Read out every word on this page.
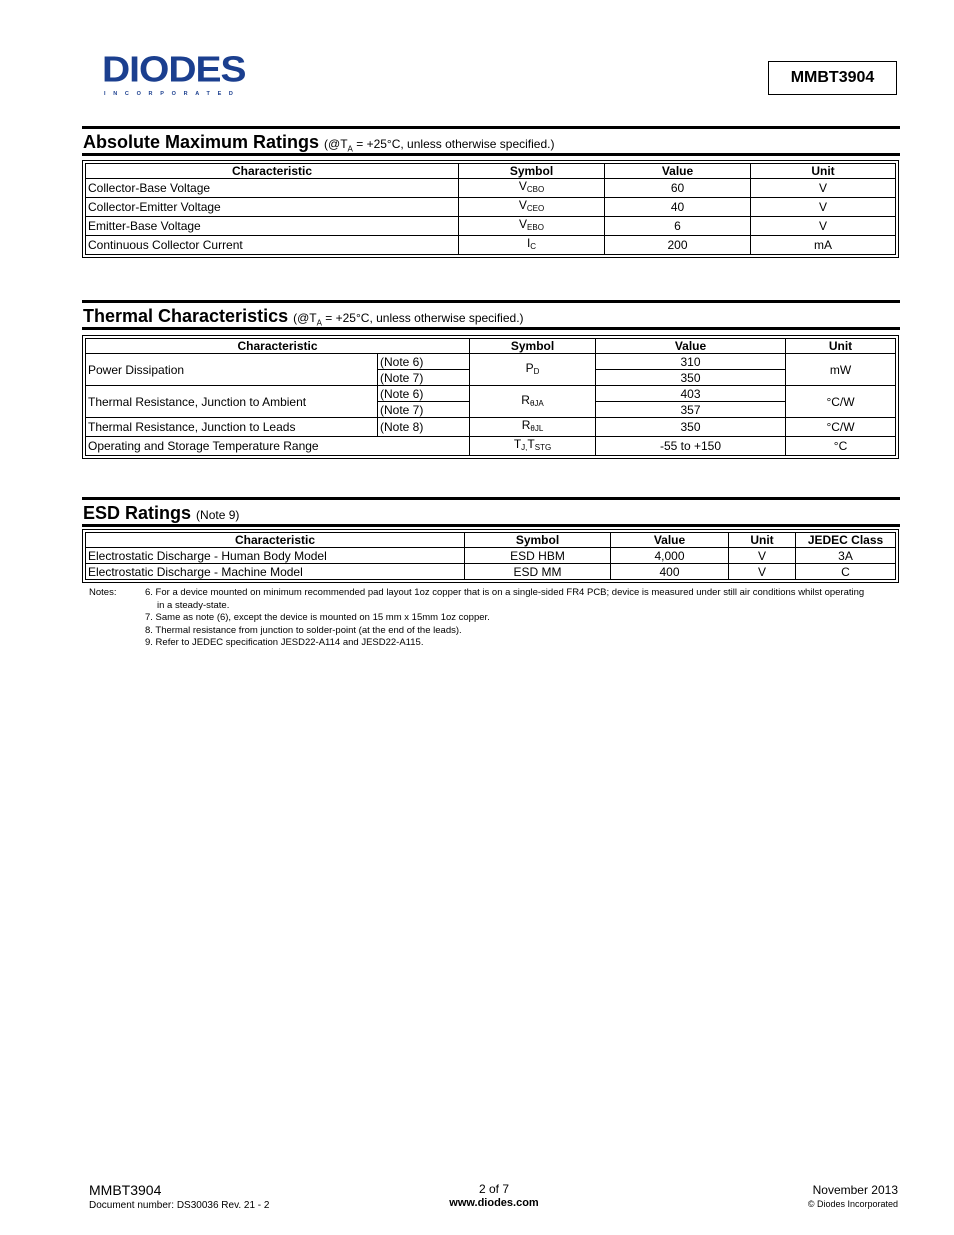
DIODES
INCORPORATED
MMBT3904
Absolute Maximum Ratings ($@T_A = +25^\circ C$, unless otherwise specified.)
Characteristic	Symbol	Value	Unit
Collector-Base Voltage	$V_{CBO}$	60	V
Collector-Emitter Voltage	$V_{CEO}$	40	V
Emitter-Base Voltage	$V_{EBO}$	6	V
Continuous Collector Current	$I_C$	200	mA
Thermal Characteristics ($@T_A = +25^\circ C$, unless otherwise specified.)
Characteristic		Symbol	Value	Unit
Power Dissipation	(Note 6)	$P_D$	310	mW
	(Note 7)		350	
Thermal Resistance, Junction to Ambient	(Note 6)	$R_{\theta JA}$	403	°C/W
	(Note 7)		357	
Thermal Resistance, Junction to Leads	(Note 8)	$R_{\theta JL}$	350	°C/W
Operating and Storage Temperature Range		$T_{J,}T_{STG}$	-55 to +150	°C
ESD Ratings (Note 9)
Characteristic	Symbol	Value	Unit	JEDEC Class
Electrostatic Discharge - Human Body Model	ESD HBM	4,000	V	3A
Electrostatic Discharge - Machine Model	ESD MM	400	V	C
Notes:	6. For a device mounted on minimum recommended pad layout 1oz copper that is on a single-sided FR4 PCB; device is measured under still air conditions whilst operating in a steady-state.
7. Same as note (6), except the device is mounted on 15 mm x 15mm 1oz copper.
8. Thermal resistance from junction to solder-point (at the end of the leads).
9. Refer to JEDEC specification JESD22-A114 and JESD22-A115.
MMBT3904
Document number: DS30036 Rev. 21 - 2
2 of 7
www.diodes.com
November 2013
© Diodes Incorporated
